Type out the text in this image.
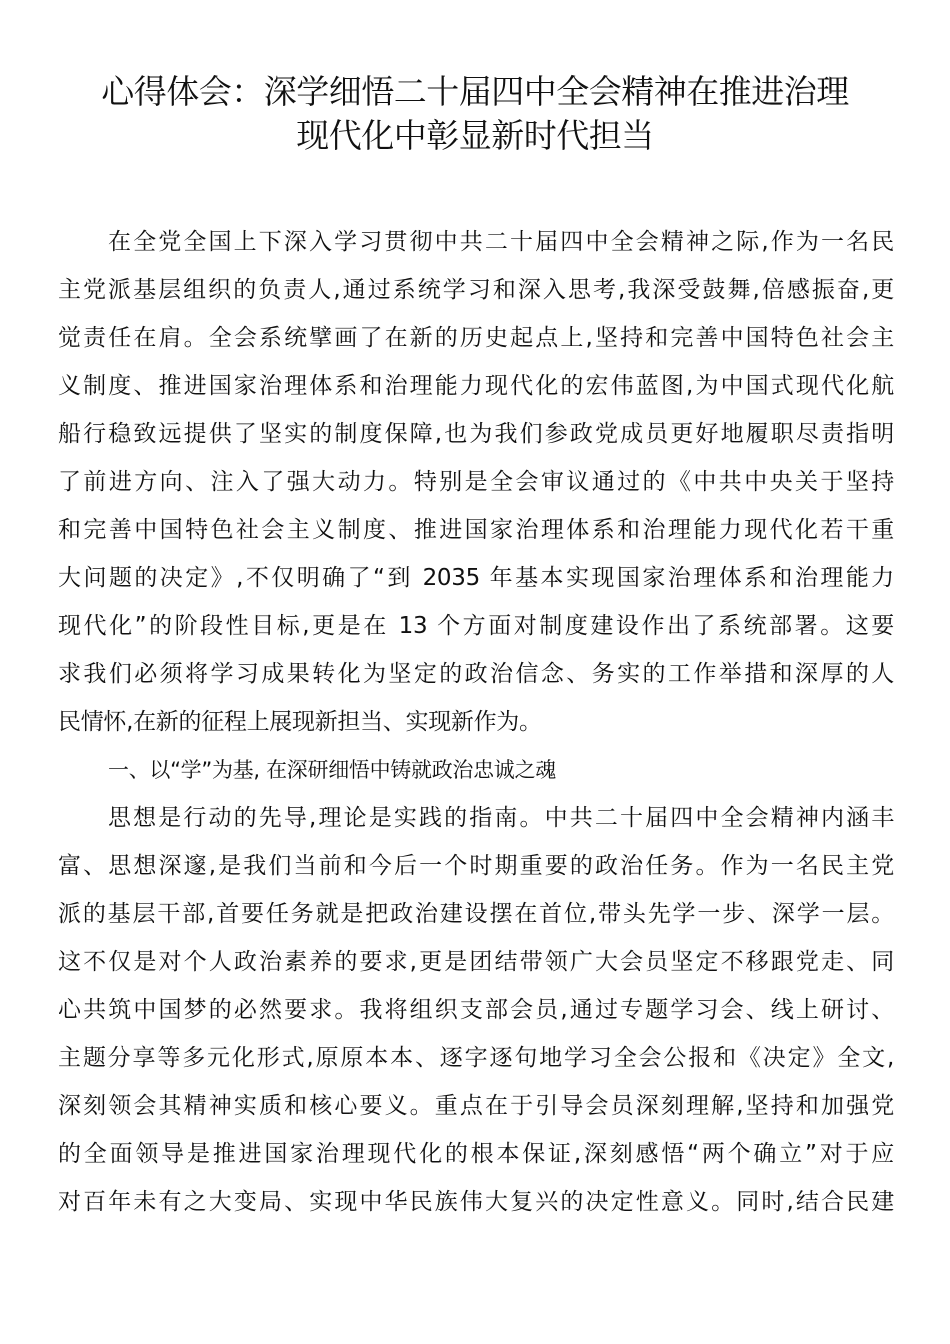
心得体会：深学细悟二十届四中全会精神在推进治理
现代化中彰显新时代担当
在全党全国上下深入学习贯彻中共二十届四中全会精神之际,作为一名民
主党派基层组织的负责人,通过系统学习和深入思考,我深受鼓舞,倍感振奋,更
觉责任在肩。全会系统擘画了在新的历史起点上,坚持和完善中国特色社会主
义制度、推进国家治理体系和治理能力现代化的宏伟蓝图,为中国式现代化航
船行稳致远提供了坚实的制度保障,也为我们参政党成员更好地履职尽责指明
了前进方向、注入了强大动力。特别是全会审议通过的《中共中央关于坚持
和完善中国特色社会主义制度、推进国家治理体系和治理能力现代化若干重
大问题的决定》,不仅明确了“到 2035 年基本实现国家治理体系和治理能力
现代化”的阶段性目标,更是在 13 个方面对制度建设作出了系统部署。这要
求我们必须将学习成果转化为坚定的政治信念、务实的工作举措和深厚的人
民情怀,在新的征程上展现新担当、实现新作为。
一、以“学”为基, 在深研细悟中铸就政治忠诚之魂
思想是行动的先导,理论是实践的指南。中共二十届四中全会精神内涵丰
富、思想深邃,是我们当前和今后一个时期重要的政治任务。作为一名民主党
派的基层干部,首要任务就是把政治建设摆在首位,带头先学一步、深学一层。
这不仅是对个人政治素养的要求,更是团结带领广大会员坚定不移跟党走、同
心共筑中国梦的必然要求。我将组织支部会员,通过专题学习会、线上研讨、
主题分享等多元化形式,原原本本、逐字逐句地学习全会公报和《决定》全文,
深刻领会其精神实质和核心要义。重点在于引导会员深刻理解,坚持和加强党
的全面领导是推进国家治理现代化的根本保证,深刻感悟“两个确立”对于应
对百年未有之大变局、实现中华民族伟大复兴的决定性意义。同时,结合民建
